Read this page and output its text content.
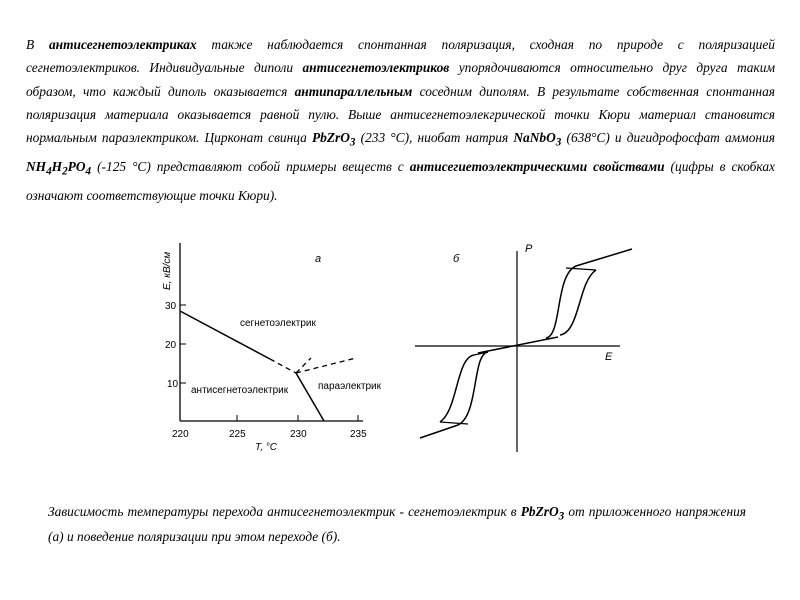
В антисегнетоэлектриках также наблюдается спонтанная поляризация, сходная по природе с поляризацией сегнетоэлектриков. Индивидуальные диполи антисегнетоэлектриков упорядочиваются относительно друг друга таким образом, что каждый диполь оказывается антипараллельным соседним диполям. В результате собственная спонтанная поляризация материала оказывается равной пулю. Выше антисегнетоэлекгрической точки Кюри материал становится нормальным параэлектриком. Цирконат свинца PbZrO$_3$ (233 °С), ниобат натрия NaNbO$_3$ (638°С) и дигидрофосфат аммония $NH_4H_2PO_4$ (-125 °С) представляют собой примеры веществ с антисегиетоэлектрическими свойствами (цифры в скобках означают соответствующие точки Кюри).

30
20
10
220	225	230	235
E, кВ/см
T, °С
а
сегнетоэлектрик
антисегнетоэлектрик	параэлектрик
P
E
б

Зависимость температуры перехода антисегнетоэлектрик - сегнетоэлектрик в PbZrO$_3$ от приложенного напряжения (а) и поведение поляризации при этом переходе (б).
